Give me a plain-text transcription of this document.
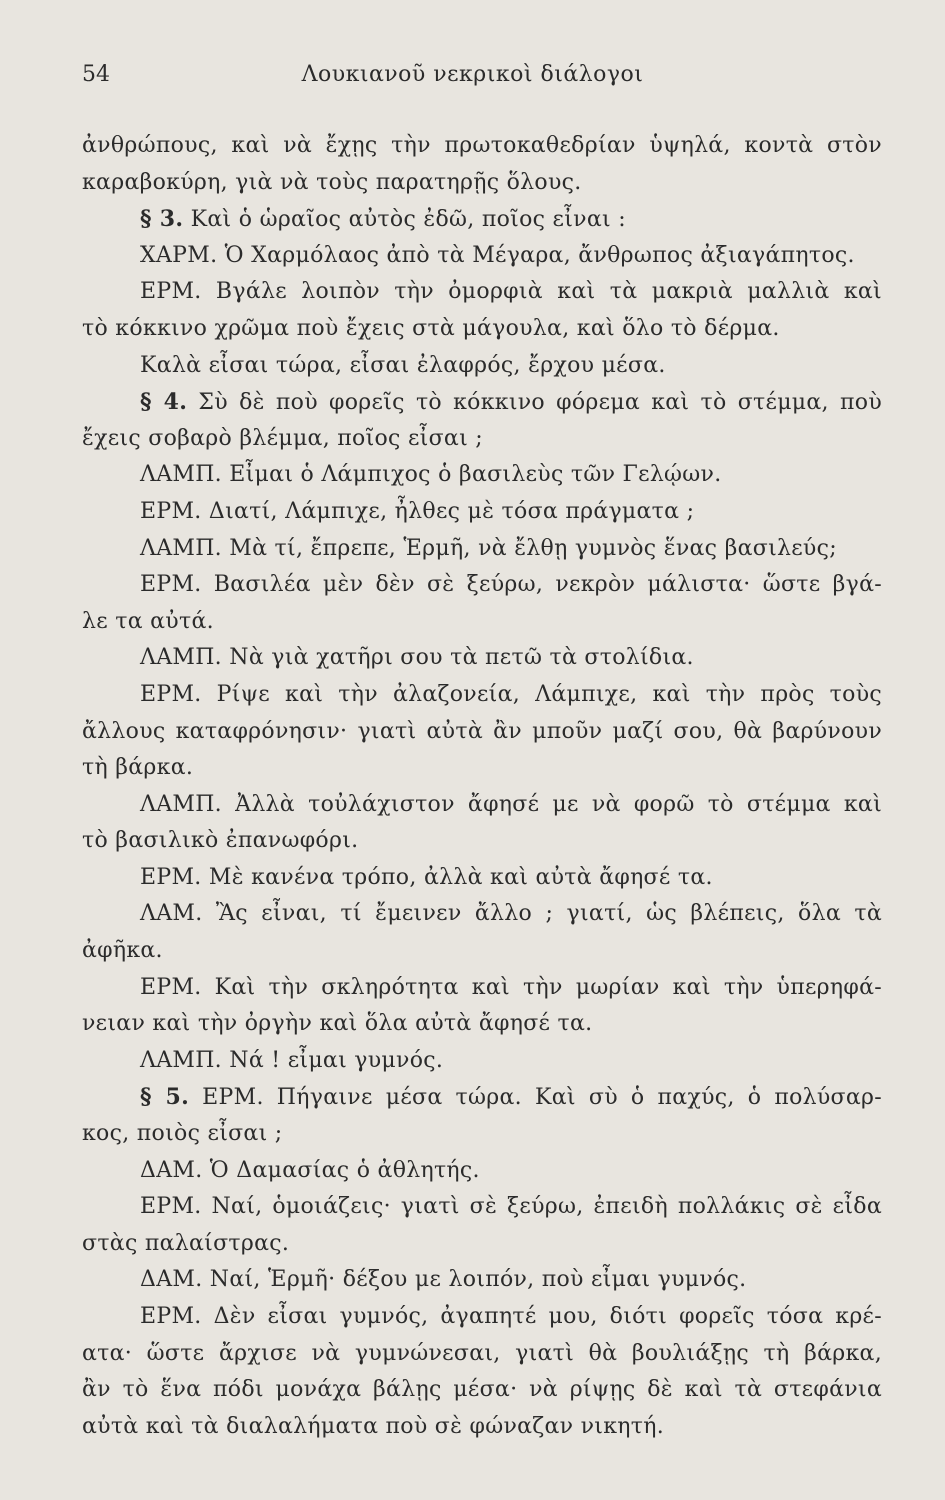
54	Λουκιανοῦ νεκρικοὶ διάλογοι
ἀνθρώπους, καὶ νὰ ἔχῃς τὴν πρωτοκαθεδρίαν ὑψηλά, κοντὰ στὸν
καραβοκύρη, γιὰ νὰ τοὺς παρατηρῇς ὅλους.
§ 3. Καὶ ὁ ὡραῖος αὐτὸς ἐδῶ, ποῖος εἶναι :
ΧΑΡΜ. Ὁ Χαρμόλαος ἀπὸ τὰ Μέγαρα, ἄνθρωπος ἀξιαγάπητος.
ΕΡΜ. Βγάλε λοιπὸν τὴν ὀμορφιὰ καὶ τὰ μακριὰ μαλλιὰ καὶ
τὸ κόκκινο χρῶμα ποὺ ἔχεις στὰ μάγουλα, καὶ ὅλο τὸ δέρμα.
Καλὰ εἶσαι τώρα, εἶσαι ἐλαφρός, ἔρχου μέσα.
§ 4. Σὺ δὲ ποὺ φορεῖς τὸ κόκκινο φόρεμα καὶ τὸ στέμμα, ποὺ
ἔχεις σοβαρὸ βλέμμα, ποῖος εἶσαι ;
ΛΑΜΠ. Εἶμαι ὁ Λάμπιχος ὁ βασιλεὺς τῶν Γελῴων.
ΕΡΜ. Διατί, Λάμπιχε, ἦλθες μὲ τόσα πράγματα ;
ΛΑΜΠ. Μὰ τί, ἔπρεπε, Ἑρμῆ, νὰ ἔλθῃ γυμνὸς ἕνας βασιλεύς;
ΕΡΜ. Βασιλέα μὲν δὲν σὲ ξεύρω, νεκρὸν μάλιστα· ὥστε βγά-
λε τα αὐτά.
ΛΑΜΠ. Νὰ γιὰ χατῆρι σου τὰ πετῶ τὰ στολίδια.
ΕΡΜ. Ρίψε καὶ τὴν ἀλαζονεία, Λάμπιχε, καὶ τὴν πρὸς τοὺς
ἄλλους καταφρόνησιν· γιατὶ αὐτὰ ἂν μποῦν μαζί σου, θὰ βαρύνουν
τὴ βάρκα.
ΛΑΜΠ. Ἀλλὰ τοὐλάχιστον ἄφησέ με νὰ φορῶ τὸ στέμμα καὶ
τὸ βασιλικὸ ἐπανωφόρι.
ΕΡΜ. Μὲ κανένα τρόπο, ἀλλὰ καὶ αὐτὰ ἄφησέ τα.
ΛΑΜ. Ἂς εἶναι, τί ἔμεινεν ἄλλο ; γιατί, ὡς βλέπεις, ὅλα τὰ
ἀφῆκα.
ΕΡΜ. Καὶ τὴν σκληρότητα καὶ τὴν μωρίαν καὶ τὴν ὑπερηφά-
νειαν καὶ τὴν ὀργὴν καὶ ὅλα αὐτὰ ἄφησέ τα.
ΛΑΜΠ. Νά ! εἶμαι γυμνός.
§ 5. ΕΡΜ. Πήγαινε μέσα τώρα. Καὶ σὺ ὁ παχύς, ὁ πολύσαρ-
κος, ποιὸς εἶσαι ;
ΔΑΜ. Ὁ Δαμασίας ὁ ἀθλητής.
ΕΡΜ. Ναί, ὁμοιάζεις· γιατὶ σὲ ξεύρω, ἐπειδὴ πολλάκις σὲ εἶδα
στὰς παλαίστρας.
ΔΑΜ. Ναί, Ἑρμῆ· δέξου με λοιπόν, ποὺ εἶμαι γυμνός.
ΕΡΜ. Δὲν εἶσαι γυμνός, ἀγαπητέ μου, διότι φορεῖς τόσα κρέ-
ατα· ὥστε ἄρχισε νὰ γυμνώνεσαι, γιατὶ θὰ βουλιάξῃς τὴ βάρκα,
ἂν τὸ ἕνα πόδι μονάχα βάλῃς μέσα· νὰ ρίψῃς δὲ καὶ τὰ στεφάνια
αὐτὰ καὶ τὰ διαλαλήματα ποὺ σὲ φώναζαν νικητή.
